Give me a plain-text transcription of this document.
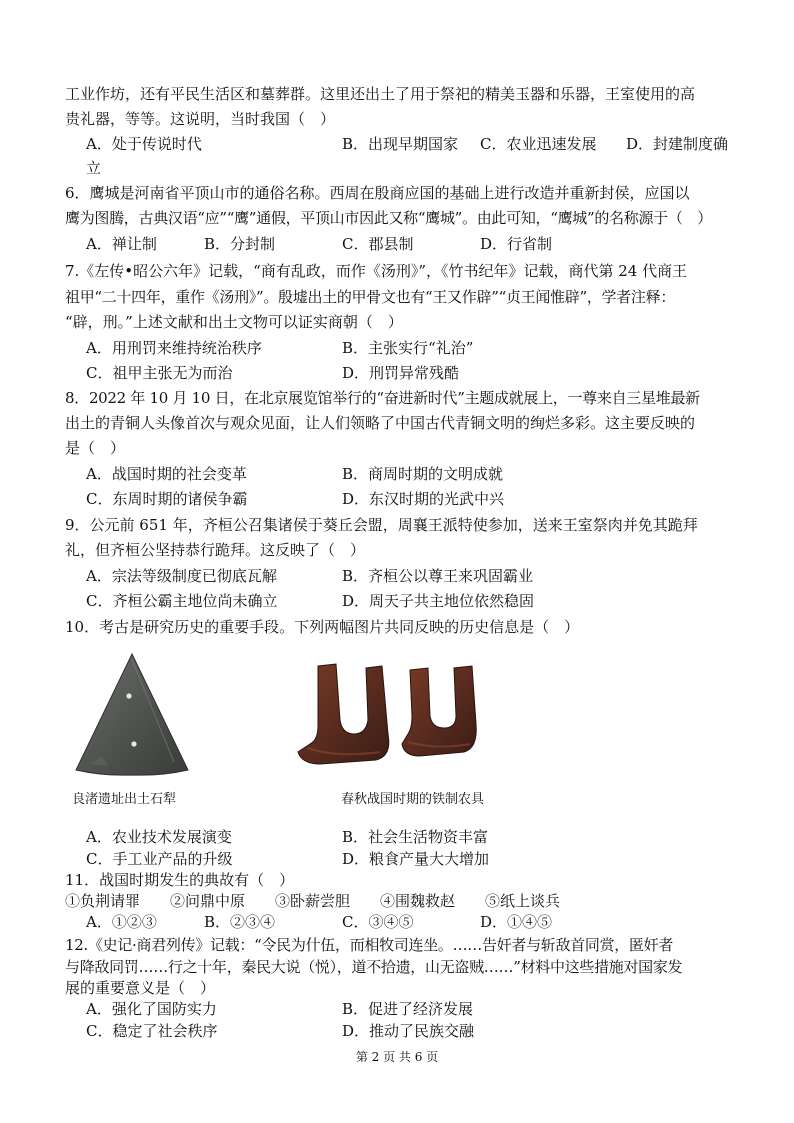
工业作坊，还有平民生活区和墓葬群。这里还出土了用于祭祀的精美玉器和乐器，王室使用的高
贵礼器，等等。这说明，当时我国（　）
A．处于传说时代	B．出现早期国家 C．农业迅速发展 D．封建制度确
立
6．鹰城是河南省平顶山市的通俗名称。西周在殷商应国的基础上进行改造并重新封侯，应国以
鹰为图腾，古典汉语“应”“鹰”通假，平顶山市因此又称“鹰城”。由此可知，“鹰城”的名称源于（　）
A．禅让制	B．分封制	C．郡县制	D．行省制
7.《左传•昭公六年》记载，“商有乱政，而作《汤刑》”，《竹书纪年》记载，商代第 24 代商王
祖甲“二十四年，重作《汤刑》”。殷墟出土的甲骨文也有“王又作辟”“贞王闻惟辟”，学者注释：
“辟，刑。”上述文献和出土文物可以证实商朝（　）
A．用刑罚来维持统治秩序	B．主张实行“礼治”
C．祖甲主张无为而治	D．刑罚异常残酷
8．2022 年 10 月 10 日，在北京展览馆举行的“奋进新时代”主题成就展上，一尊来自三星堆最新
出土的青铜人头像首次与观众见面，让人们领略了中国古代青铜文明的绚烂多彩。这主要反映的
是（　）
A．战国时期的社会变革	B．商周时期的文明成就
C．东周时期的诸侯争霸	D．东汉时期的光武中兴
9．公元前 651 年，齐桓公召集诸侯于葵丘会盟，周襄王派特使参加，送来王室祭肉并免其跪拜
礼，但齐桓公坚持恭行跪拜。这反映了（　）
A．宗法等级制度已彻底瓦解	B．齐桓公以尊王来巩固霸业
C．齐桓公霸主地位尚未确立	D．周天子共主地位依然稳固
10．考古是研究历史的重要手段。下列两幅图片共同反映的历史信息是（　）
良渚遗址出土石犁	春秋战国时期的铁制农具
A．农业技术发展演变	B．社会生活物资丰富
C．手工业产品的升级	D．粮食产量大大增加
11．战国时期发生的典故有（　）
①负荆请罪　　②问鼎中原　　③卧薪尝胆　　④围魏救赵　　⑤纸上谈兵
A．①②③	B．②③④	C．③④⑤	D．①④⑤
12.《史记·商君列传》记载：“令民为什伍，而相牧司连坐。……告奸者与斩敌首同赏，匿奸者
与降敌同罚……行之十年，秦民大说（悦），道不拾遗，山无盗贼……”材料中这些措施对国家发
展的重要意义是（　）
A．强化了国防实力	B．促进了经济发展
C．稳定了社会秩序	D．推动了民族交融
第 2 页 共 6 页
